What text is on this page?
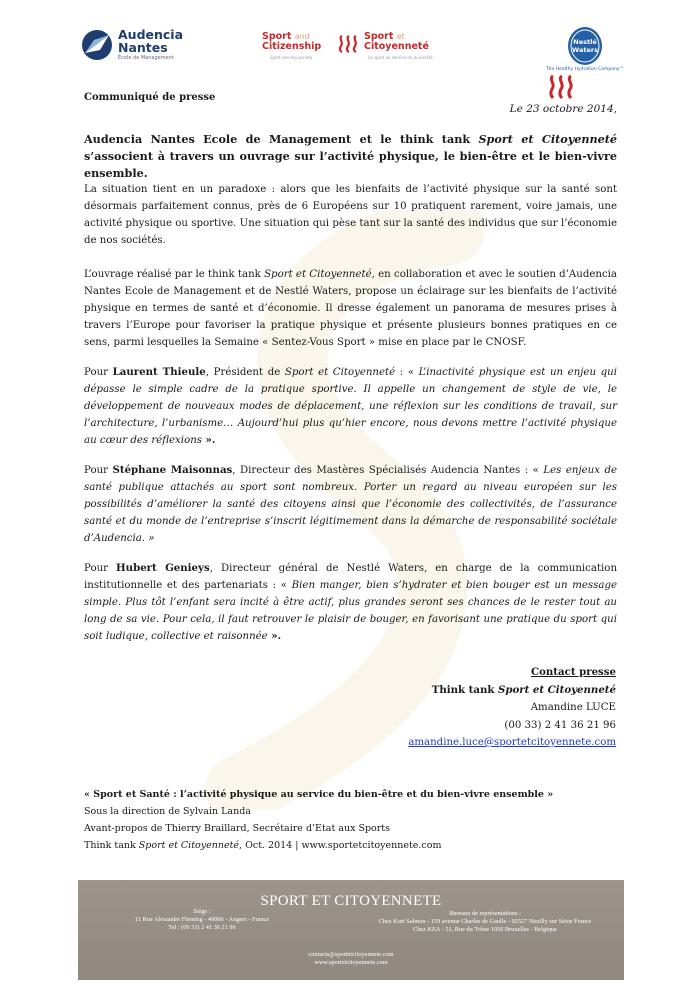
Audencia Nantes
École de Management
Sport and
Citizenship
Sport serving society
Sport et
Citoyenneté
Le sport au service de la société
Nestlé
Waters
The Healthy Hydration Company™
Communiqué de presse
Le 23 octobre 2014,
Audencia Nantes Ecole de Management et le think tank Sport et Citoyenneté s’associent à travers un ouvrage sur l’activité physique, le bien-être et le bien-vivre ensemble.
La situation tient en un paradoxe : alors que les bienfaits de l’activité physique sur la santé sont désormais parfaitement connus, près de 6 Européens sur 10 pratiquent rarement, voire jamais, une activité physique ou sportive. Une situation qui pèse tant sur la santé des individus que sur l’économie de nos sociétés.
L’ouvrage réalisé par le think tank Sport et Citoyenneté, en collaboration et avec le soutien d’Audencia Nantes Ecole de Management et de Nestlé Waters, propose un éclairage sur les bienfaits de l’activité physique en termes de santé et d’économie. Il dresse également un panorama de mesures prises à travers l’Europe pour favoriser la pratique physique et présente plusieurs bonnes pratiques en ce sens, parmi lesquelles la Semaine « Sentez-Vous Sport » mise en place par le CNOSF.
Pour Laurent Thieule, Président de Sport et Citoyenneté : « L’inactivité physique est un enjeu qui dépasse le simple cadre de la pratique sportive. Il appelle un changement de style de vie, le développement de nouveaux modes de déplacement, une réflexion sur les conditions de travail, sur l’architecture, l’urbanisme… Aujourd’hui plus qu’hier encore, nous devons mettre l’activité physique au cœur des réflexions ».
Pour Stéphane Maisonnas, Directeur des Mastères Spécialisés Audencia Nantes : « Les enjeux de santé publique attachés au sport sont nombreux. Porter un regard au niveau européen sur les possibilités d’améliorer la santé des citoyens ainsi que l’économie des collectivités, de l’assurance santé et du monde de l’entreprise s’inscrit légitimement dans la démarche de responsabilité sociétale d’Audencia. »
Pour Hubert Genieys, Directeur général de Nestlé Waters, en charge de la communication institutionnelle et des partenariats : « Bien manger, bien s’hydrater et bien bouger est un message simple. Plus tôt l’enfant sera incité à être actif, plus grandes seront ses chances de le rester tout au long de sa vie. Pour cela, il faut retrouver le plaisir de bouger, en favorisant une pratique du sport qui soit ludique, collective et raisonnée ».
Contact presse
Think tank Sport et Citoyenneté
Amandine LUCE
(00 33) 2 41 36 21 96
amandine.luce@sportetcitoyennete.com
« Sport et Santé : l’activité physique au service du bien-être et du bien-vivre ensemble »
Sous la direction de Sylvain Landa
Avant-propos de Thierry Braillard, Secrétaire d’Etat aux Sports
Think tank Sport et Citoyenneté, Oct. 2014 | www.sportetcitoyennete.com
SPORT ET CITOYENNETE
Siège :
11 Rue Alexandre Fleming - 49066 - Angers - France
Tel : (00 33) 2 41 36 21 96
Bureaux de représentations :
Chez Kurt Salmon - 159 avenue Charles de Gaulle - 92527 Neuilly sur Seine France
Chez KEA - 51, Rue du Trône 1050 Bruxelles - Belgique
contacts@sportetcitoyennete.com
www.sportetcitoyennete.com
